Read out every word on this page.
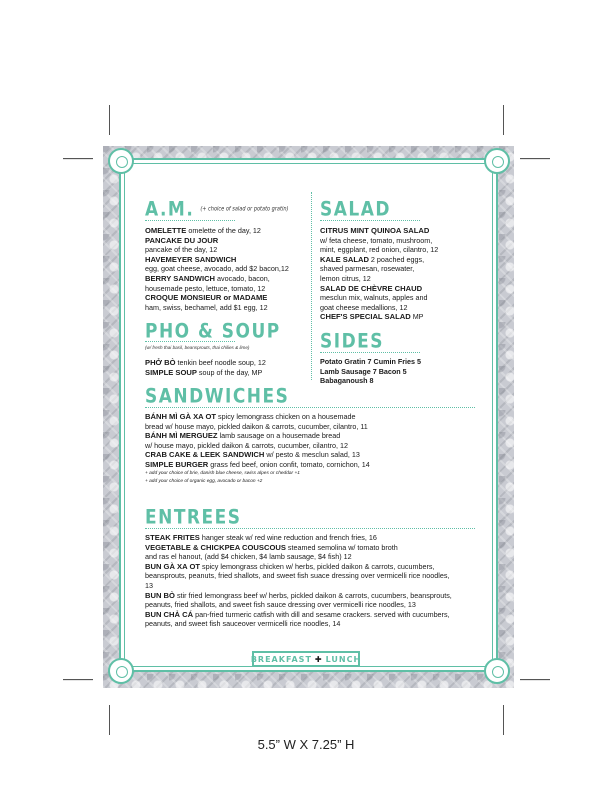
A.M. (+ choice of salad or potato gratin)
OMELETTE omelette of the day, 12
PANCAKE DU JOUR
pancake of the day, 12
HAVEMEYER SANDWICH
egg, goat cheese, avocado, add $2 bacon,12
BERRY SANDWICH avocado, bacon,
housemade pesto, lettuce, tomato, 12
CROQUE MONSIEUR or MADAME
ham, swiss, bechamel, add $1 egg, 12
PHO & SOUP
(w/ fresh thai basil, beansprouts, thai chilies & lime)
PHỞ BÒ tenkin beef noodle soup, 12
SIMPLE SOUP soup of the day, MP
SALAD
CITRUS MINT QUINOA SALAD
w/ feta cheese, tomato, mushroom,
mint, eggplant, red onion, cilantro, 12
KALE SALAD 2 poached eggs,
shaved parmesan, rosewater,
lemon citrus, 12
SALAD DE CHÈVRE CHAUD
mesclun mix, walnuts, apples and
goat cheese medallions, 12
CHEF'S SPECIAL SALAD MP
SIDES
Potato Gratin 7 Cumin Fries 5
Lamb Sausage 7 Bacon 5
Babaganoush 8
SANDWICHES
BÁNH MÌ GÀ XA OT spicy lemongrass chicken on a housemade
bread w/ house mayo, pickled daikon & carrots, cucumber, cilantro, 11
BÁNH MÌ MERGUEZ lamb sausage on a housemade bread
w/ house mayo, pickled daikon & carrots, cucumber, cilantro, 12
CRAB CAKE & LEEK SANDWICH w/ pesto & mesclun salad, 13
SIMPLE BURGER grass fed beef, onion confit, tomato, cornichon, 14
+ add your choice of brie, danish blue cheese, swiss alpes or cheddar +1
+ add your choice of organic egg, avocado or bacon +2
ENTREES
STEAK FRITES hanger steak w/ red wine reduction and french fries, 16
VEGETABLE & CHICKPEA COUSCOUS steamed semolina w/ tomato broth
and ras el hanout, (add $4 chicken, $4 lamb sausage, $4 fish) 12
BUN GÀ XA OT spicy lemongrass chicken w/ herbs, pickled daikon & carrots, cucumbers,
beansprouts, peanuts, fried shallots, and sweet fish suace dressing over vermicelli rice noodles,
13
BUN BÒ stir fried lemongrass beef w/ herbs, pickled daikon & carrots, cucumbers, beansprouts,
peanuts, fried shallots, and sweet fish sauce dressing over vermicelli rice noodles, 13
BUN CHẢ CÁ pan-fried turmeric catfish with dill and sesame crackers. served with cucumbers,
peanuts, and sweet fish sauceover vermicelli rice noodles, 14
BREAKFAST ✚ LUNCH
5.5” W X 7.25” H
